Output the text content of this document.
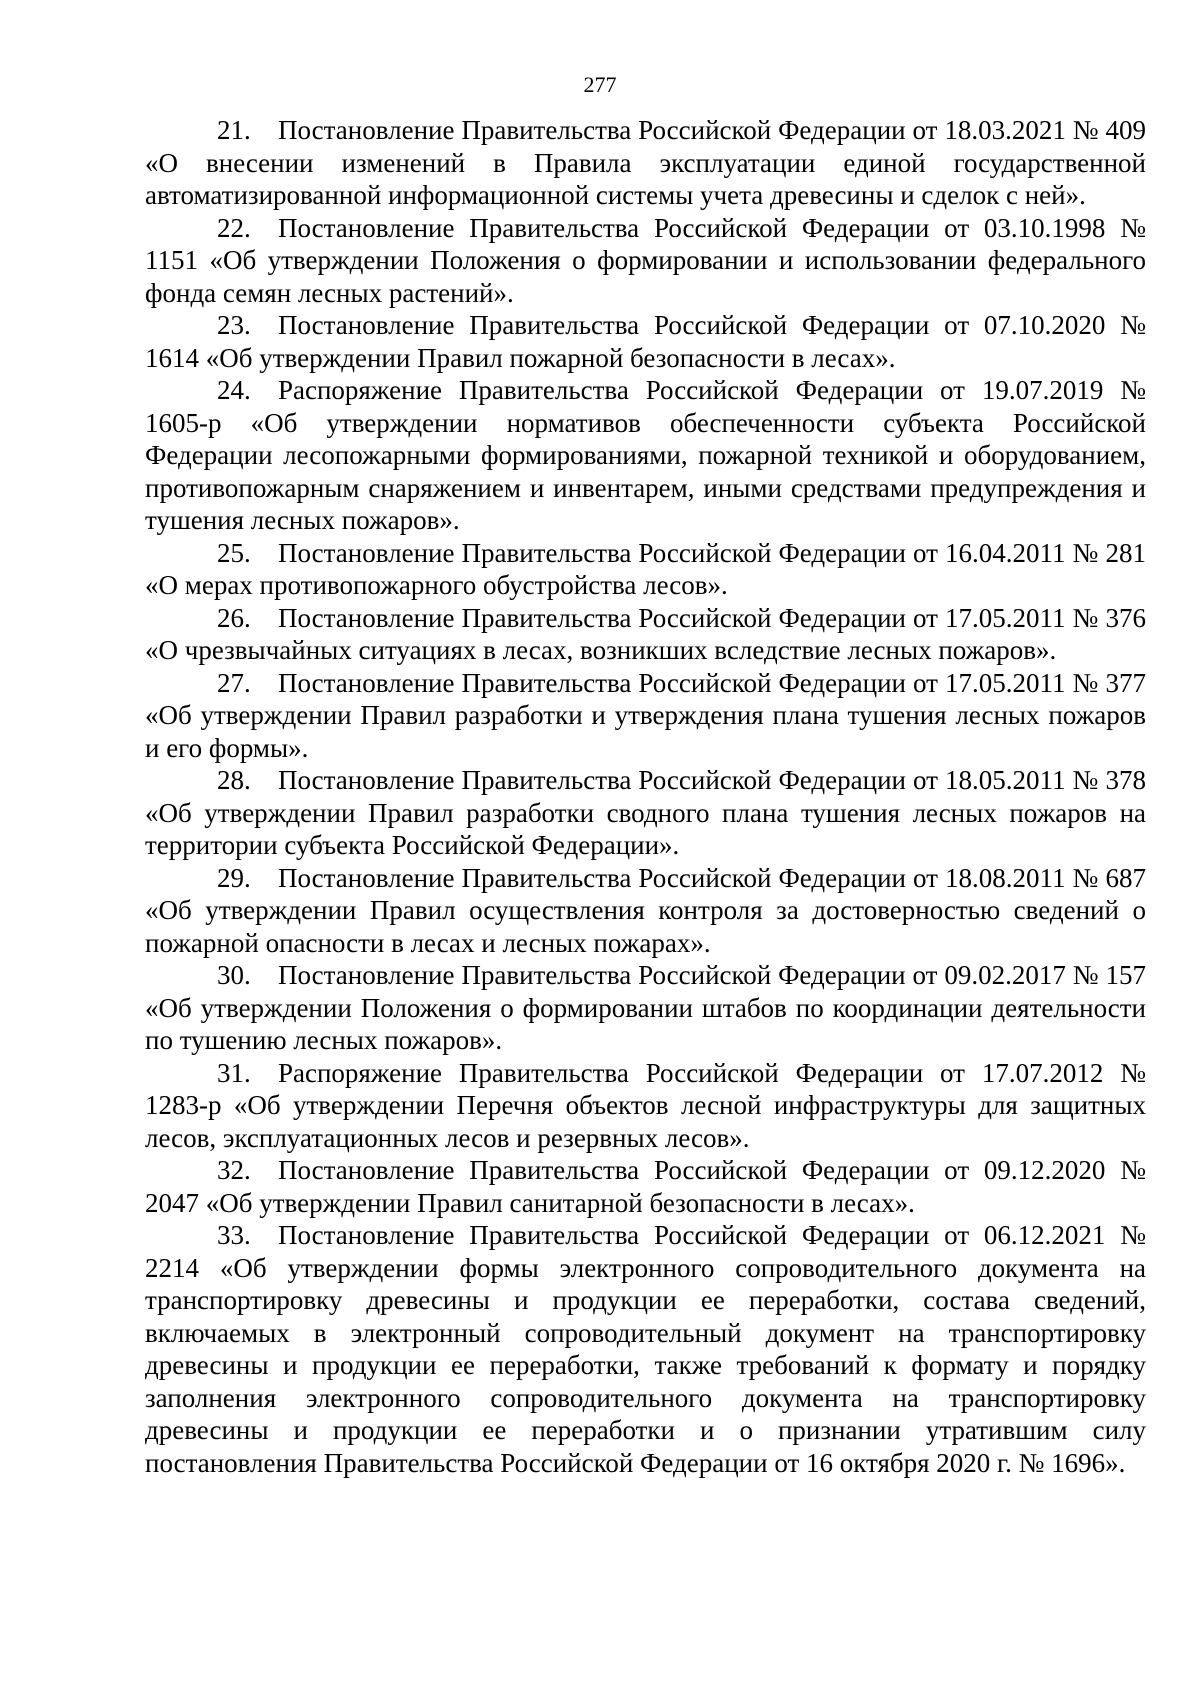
277

21. Постановление Правительства Российской Федерации от 18.03.2021 № 409 «О внесении изменений в Правила эксплуатации единой государственной автоматизированной информационной системы учета древесины и сделок с ней».

22. Постановление Правительства Российской Федерации от 03.10.1998 № 1151 «Об утверждении Положения о формировании и использовании федерального фонда семян лесных растений».

23. Постановление Правительства Российской Федерации от 07.10.2020 № 1614 «Об утверждении Правил пожарной безопасности в лесах».

24. Распоряжение Правительства Российской Федерации от 19.07.2019 № 1605-р «Об утверждении нормативов обеспеченности субъекта Российской Федерации лесопожарными формированиями, пожарной техникой и оборудованием, противопожарным снаряжением и инвентарем, иными средствами предупреждения и тушения лесных пожаров».

25. Постановление Правительства Российской Федерации от 16.04.2011 № 281 «О мерах противопожарного обустройства лесов».

26. Постановление Правительства Российской Федерации от 17.05.2011 № 376 «О чрезвычайных ситуациях в лесах, возникших вследствие лесных пожаров».

27. Постановление Правительства Российской Федерации от 17.05.2011 № 377 «Об утверждении Правил разработки и утверждения плана тушения лесных пожаров и его формы».

28. Постановление Правительства Российской Федерации от 18.05.2011 № 378 «Об утверждении Правил разработки сводного плана тушения лесных пожаров на территории субъекта Российской Федерации».

29. Постановление Правительства Российской Федерации от 18.08.2011 № 687 «Об утверждении Правил осуществления контроля за достоверностью сведений о пожарной опасности в лесах и лесных пожарах».

30. Постановление Правительства Российской Федерации от 09.02.2017 № 157 «Об утверждении Положения о формировании штабов по координации деятельности по тушению лесных пожаров».

31. Распоряжение Правительства Российской Федерации от 17.07.2012 № 1283-р «Об утверждении Перечня объектов лесной инфраструктуры для защитных лесов, эксплуатационных лесов и резервных лесов».

32. Постановление Правительства Российской Федерации от 09.12.2020 № 2047 «Об утверждении Правил санитарной безопасности в лесах».

33. Постановление Правительства Российской Федерации от 06.12.2021 № 2214 «Об утверждении формы электронного сопроводительного документа на транспортировку древесины и продукции ее переработки, состава сведений, включаемых в электронный сопроводительный документ на транспортировку древесины и продукции ее переработки, также требований к формату и порядку заполнения электронного сопроводительного документа на транспортировку древесины и продукции ее переработки и о признании утратившим силу постановления Правительства Российской Федерации от 16 октября 2020 г. № 1696».
